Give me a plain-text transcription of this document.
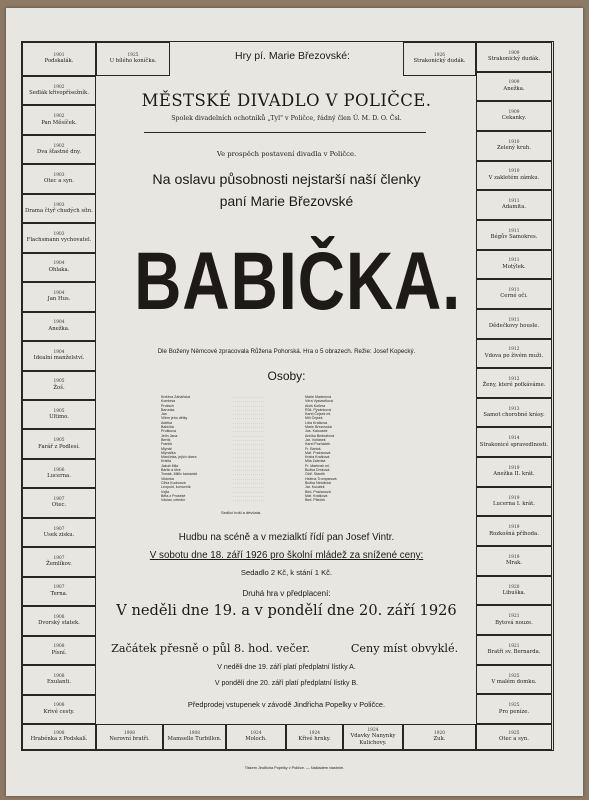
1901
Podskalák.
1925
U bílého koníčka.
1926
Strakonický dudák.
1902
Sedlák křivopřísežník.
1902
Pan Měsíček.
1902
Dva šťastné dny.
1903
Otec a syn.
1903
Drama čtyř chudých sítn.
1903
Flachsmann vychovatel.
1904
Ohlaka.
1904
Jan Hus.
1904
Anežka.
1904
Idealní manželství.
1905
Žoš.
1905
Ultimo.
1905
Farář z Podlesí.
1906
Lucerna.
1907
Otec.
1907
Usek zisku.
1907
Žemlíkov.
1907
Terna.
1908
Dvorský statek.
1908
Písní.
1908
Exulanti.
1908
Krivé cesty.
1909
Strakonický dudák.
1909
Anežka.
1909
Cekanky.
1910
Zelený kruh.
1910
V zakletém zámku.
1911
Adamita.
1911
Bégův Samokres.
1911
Motýlek.
1911
Cerné oči.
1911
Dědečkovy housle.
1912
Vdova po živém muži.
1912
Ženy, které potkáváme.
1913
Samot chorobné krásy.
1914
Strakonicé spravedlnosti.
1919
Anežka II. krát.
1919
Lucerna I. krát.
1919
Rozkošná příhoda.
1919
Mrak.
1920
Libuška.
1921
Bytová nouze.
1921
Bratři sv. Bernarda.
1925
V malém domku.
1925
Pro peníze.
1908
Hrabénka z Podskalí.
1908
Nerovní bratři.
1908
Mamselle Turbillon.
1924
Moloch.
1924
Křivé hrnky.
1924
Vdavky Nanynky Kulichovy.
1920
Zuk.
1925
Otec a syn.
Hry pí. Marie Březovské:
MĚSTSKÉ DIVADLO V POLIČCE.
Spolek divadelních ochotníků „Tyl" v Poličce, řádný člen Ú. M. D. O. Čsl.
Ve prospěch postavení divadla v Poličce.
Na oslavu působnosti nejstarší naší členky
paní Marie Březovské
BABIČKA.
Dle Boženy Němcové zpracovala Růžena Pohorská. Hra o 5 obrazech. Režie: Josef Kopecký.
Osoby:
Kněžna Zaháňská
Komtesa
Proksch
Barunka
Jan
Vilém jeho dětky
Adelka
Babička
Proškova
Jelín Jana
Bertík
Frantík
Mlynář
Mlynářka
Mančinka, jejich dcera
Kristla
Jakub Mila
Bártic a štve
Tomáš, Milův kamarád
Viktorka
Cihla Kudroová
Leopold, komorník
Vojta
Běta z Proseké
Václav, celedín
. . . . . . . . . . . . . . . .
. . . . . . . . . . . . . . . .
. . . . . . . . . . . . . . . .
. . . . . . . . . . . . . . . .
. . . . . . . . . . . . . . . .
. . . . . . . . . . . . . . . .
. . . . . . . . . . . . . . . .
. . . . . . . . . . . . . . . .
. . . . . . . . . . . . . . . .
. . . . . . . . . . . . . . . .
. . . . . . . . . . . . . . . .
. . . . . . . . . . . . . . . .
. . . . . . . . . . . . . . . .
. . . . . . . . . . . . . . . .
. . . . . . . . . . . . . . . .
. . . . . . . . . . . . . . . .
. . . . . . . . . . . . . . . .
. . . . . . . . . . . . . . . .
. . . . . . . . . . . . . . . .
. . . . . . . . . . . . . . . .
. . . . . . . . . . . . . . . .
. . . . . . . . . . . . . . . .
. . . . . . . . . . . . . . . .
. . . . . . . . . . . . . . . .
. . . . . . . . . . . . . . . .
Marie Maderová
Věra Vystavělová
Aloiś Kotlera
Růž. Pýzánková
Karel Čejsek ml.
Milí Čejsek
Líba Kratková
Marie Březovská
Jos. Kalousek
Anička Bednářová
Jar. Voňásek
Karel Pozháček
Fr. Bartoš
Mař. Pražanová
Krista Kratková
Mila Zalenká
Fr. Martínek ml.
Božka Drnková
Oldř. Staněk
Helena Tromparová
Božka Netolická
Jar. Kucálek
Bed. Pražanová
Mař. Kratková
Bed. Pileček
Sedlíci hoši a děvčata.
Hudbu na scéně a v mezialktí řídí pan Josef Vintr.
V sobotu dne 18. září 1926 pro školní mládež za snížené ceny:
Sedadlo 2 Kč, k stání 1 Kč.
Druhá hra v předplacení:
V neděli dne 19. a v pondělí dne 20. září 1926
Začátek přesně o půl 8. hod. večer.	Ceny míst obvyklé.
V neděli dne 19. září platí předplatní lístky A.
V pondělí dne 20. září platí předplatní lístky B.
Předprodej vstupenek v závodě Jindřicha Popelky v Poličce.
Tiskem Jindřicha Popelky v Poličce. — Nakladem vlastním.
